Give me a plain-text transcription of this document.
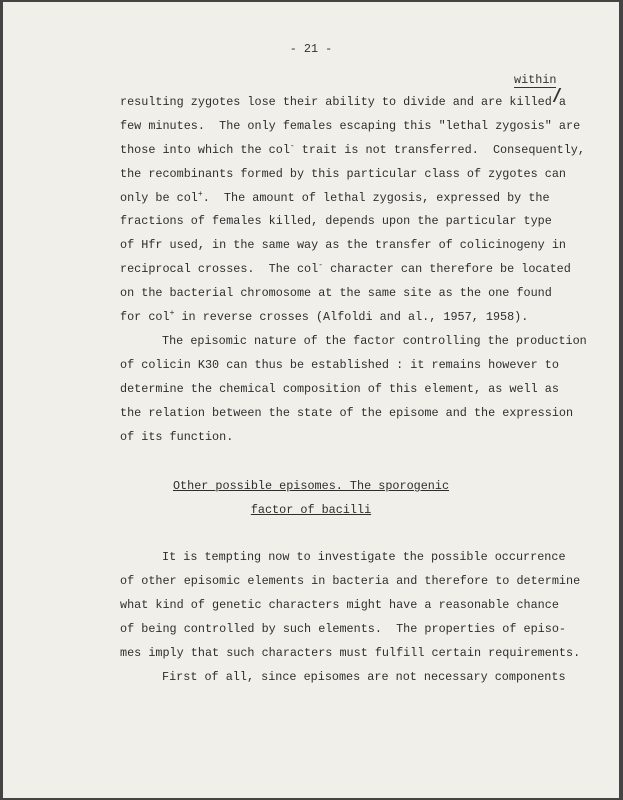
- 21 -
within
resulting zygotes lose their ability to divide and are killed a
few minutes.  The only females escaping this "lethal zygosis" are
those into which the col- trait is not transferred.  Consequently,
the recombinants formed by this particular class of zygotes can
only be col+.  The amount of lethal zygosis, expressed by the
fractions of females killed, depends upon the particular type
of Hfr used, in the same way as the transfer of colicinogeny in
reciprocal crosses.  The col- character can therefore be located
on the bacterial chromosome at the same site as the one found
for col+ in reverse crosses (Alfoldi and al., 1957, 1958).
The episomic nature of the factor controlling the production
of colicin K30 can thus be established : it remains however to
determine the chemical composition of this element, as well as
the relation between the state of the episome and the expression
of its function.
Other possible episomes. The sporogenic
factor of bacilli
It is tempting now to investigate the possible occurrence
of other episomic elements in bacteria and therefore to determine
what kind of genetic characters might have a reasonable chance
of being controlled by such elements.  The properties of episo-
mes imply that such characters must fulfill certain requirements.
First of all, since episomes are not necessary components
